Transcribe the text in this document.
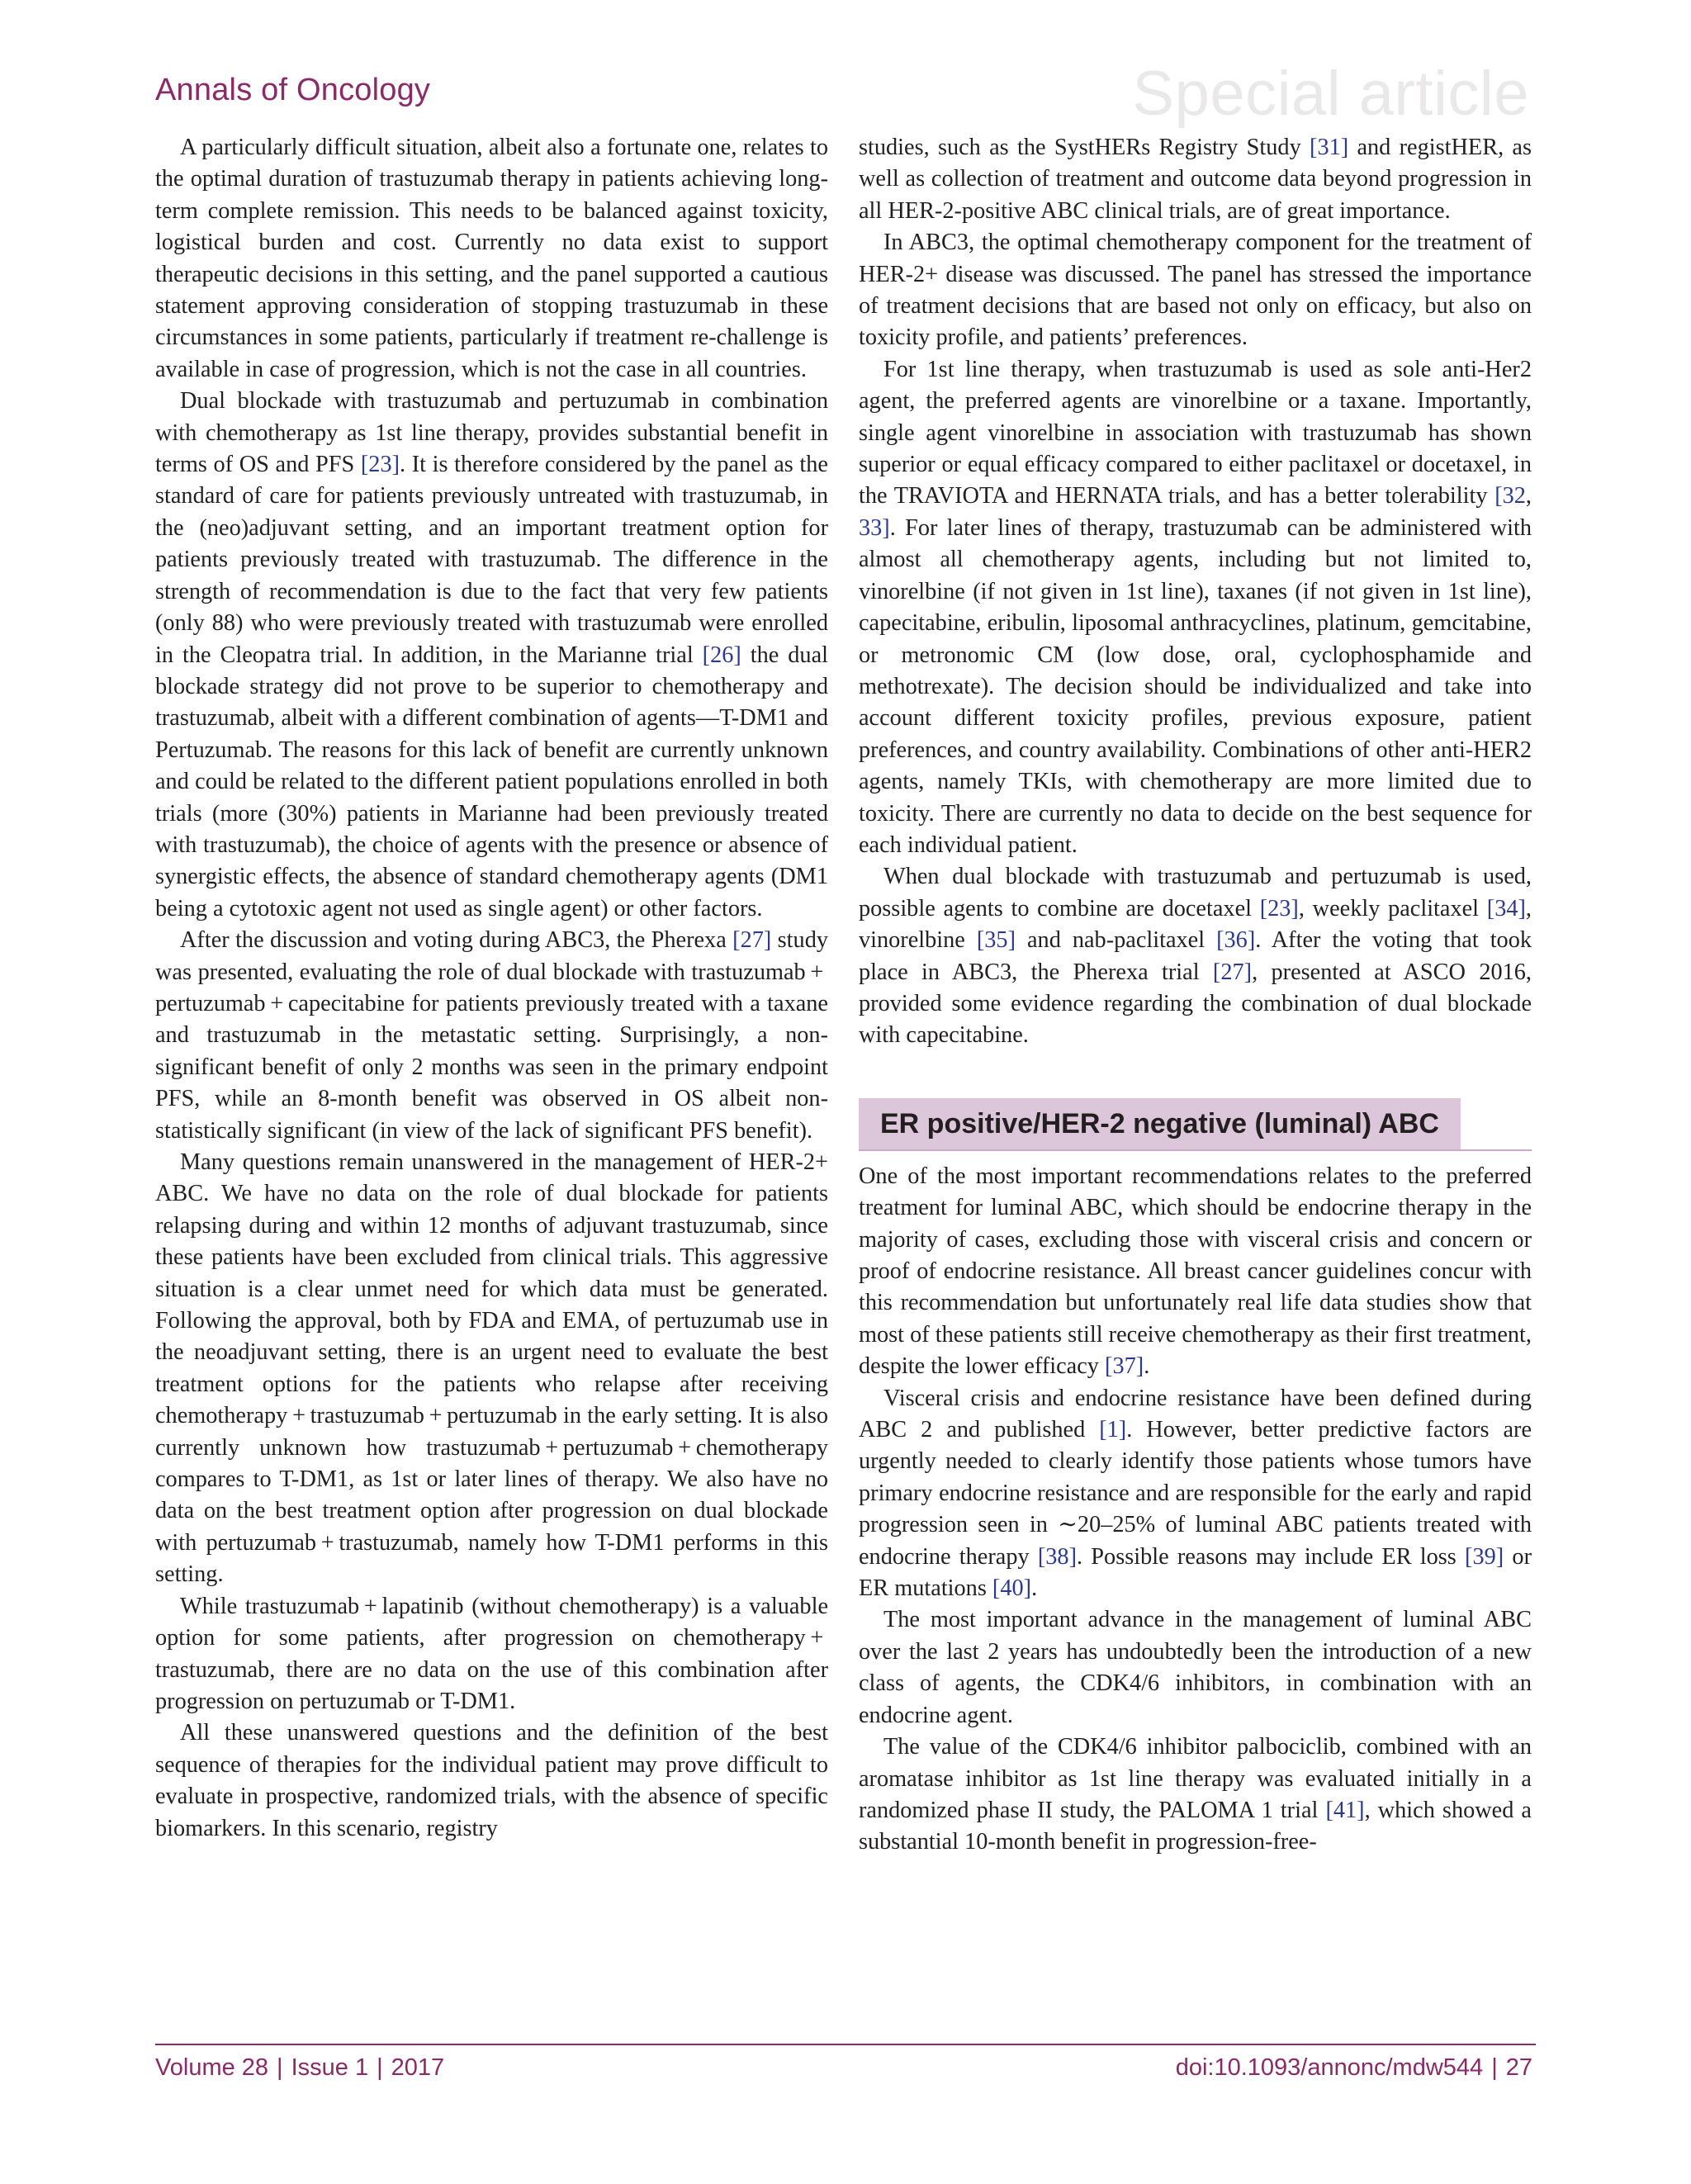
Annals of Oncology	Special article

A particularly difficult situation, albeit also a fortunate one, relates to the optimal duration of trastuzumab therapy in patients achieving long-term complete remission. This needs to be balanced against toxicity, logistical burden and cost. Currently no data exist to support therapeutic decisions in this setting, and the panel supported a cautious statement approving consideration of stopping trastuzumab in these circumstances in some patients, particularly if treatment re-challenge is available in case of progression, which is not the case in all countries.

Dual blockade with trastuzumab and pertuzumab in combination with chemotherapy as 1st line therapy, provides substantial benefit in terms of OS and PFS [23]. It is therefore considered by the panel as the standard of care for patients previously untreated with trastuzumab, in the (neo)adjuvant setting, and an important treatment option for patients previously treated with trastuzumab. The difference in the strength of recommendation is due to the fact that very few patients (only 88) who were previously treated with trastuzumab were enrolled in the Cleopatra trial. In addition, in the Marianne trial [26] the dual blockade strategy did not prove to be superior to chemotherapy and trastuzumab, albeit with a different combination of agents—T-DM1 and Pertuzumab. The reasons for this lack of benefit are currently unknown and could be related to the different patient populations enrolled in both trials (more (30%) patients in Marianne had been previously treated with trastuzumab), the choice of agents with the presence or absence of synergistic effects, the absence of standard chemotherapy agents (DM1 being a cytotoxic agent not used as single agent) or other factors.

After the discussion and voting during ABC3, the Pherexa [27] study was presented, evaluating the role of dual blockade with trastuzumab + pertuzumab + capecitabine for patients previously treated with a taxane and trastuzumab in the metastatic setting. Surprisingly, a non-significant benefit of only 2 months was seen in the primary endpoint PFS, while an 8-month benefit was observed in OS albeit non-statistically significant (in view of the lack of significant PFS benefit).

Many questions remain unanswered in the management of HER-2+ ABC. We have no data on the role of dual blockade for patients relapsing during and within 12 months of adjuvant trastuzumab, since these patients have been excluded from clinical trials. This aggressive situation is a clear unmet need for which data must be generated. Following the approval, both by FDA and EMA, of pertuzumab use in the neoadjuvant setting, there is an urgent need to evaluate the best treatment options for the patients who relapse after receiving chemotherapy + trastuzumab + pertuzumab in the early setting. It is also currently unknown how trastuzumab + pertuzumab + chemotherapy compares to T-DM1, as 1st or later lines of therapy. We also have no data on the best treatment option after progression on dual blockade with pertuzumab + trastuzumab, namely how T-DM1 performs in this setting.

While trastuzumab + lapatinib (without chemotherapy) is a valuable option for some patients, after progression on chemotherapy + trastuzumab, there are no data on the use of this combination after progression on pertuzumab or T-DM1.

All these unanswered questions and the definition of the best sequence of therapies for the individual patient may prove difficult to evaluate in prospective, randomized trials, with the absence of specific biomarkers. In this scenario, registry

studies, such as the SystHERs Registry Study [31] and registHER, as well as collection of treatment and outcome data beyond progression in all HER-2-positive ABC clinical trials, are of great importance.

In ABC3, the optimal chemotherapy component for the treatment of HER-2+ disease was discussed. The panel has stressed the importance of treatment decisions that are based not only on efficacy, but also on toxicity profile, and patients’ preferences.

For 1st line therapy, when trastuzumab is used as sole anti-Her2 agent, the preferred agents are vinorelbine or a taxane. Importantly, single agent vinorelbine in association with trastuzumab has shown superior or equal efficacy compared to either paclitaxel or docetaxel, in the TRAVIOTA and HERNATA trials, and has a better tolerability [32, 33]. For later lines of therapy, trastuzumab can be administered with almost all chemotherapy agents, including but not limited to, vinorelbine (if not given in 1st line), taxanes (if not given in 1st line), capecitabine, eribulin, liposomal anthracyclines, platinum, gemcitabine, or metronomic CM (low dose, oral, cyclophosphamide and methotrexate). The decision should be individualized and take into account different toxicity profiles, previous exposure, patient preferences, and country availability. Combinations of other anti-HER2 agents, namely TKIs, with chemotherapy are more limited due to toxicity. There are currently no data to decide on the best sequence for each individual patient.

When dual blockade with trastuzumab and pertuzumab is used, possible agents to combine are docetaxel [23], weekly paclitaxel [34], vinorelbine [35] and nab-paclitaxel [36]. After the voting that took place in ABC3, the Pherexa trial [27], presented at ASCO 2016, provided some evidence regarding the combination of dual blockade with capecitabine.

ER positive/HER-2 negative (luminal) ABC

One of the most important recommendations relates to the preferred treatment for luminal ABC, which should be endocrine therapy in the majority of cases, excluding those with visceral crisis and concern or proof of endocrine resistance. All breast cancer guidelines concur with this recommendation but unfortunately real life data studies show that most of these patients still receive chemotherapy as their first treatment, despite the lower efficacy [37].

Visceral crisis and endocrine resistance have been defined during ABC 2 and published [1]. However, better predictive factors are urgently needed to clearly identify those patients whose tumors have primary endocrine resistance and are responsible for the early and rapid progression seen in ∼20–25% of luminal ABC patients treated with endocrine therapy [38]. Possible reasons may include ER loss [39] or ER mutations [40].

The most important advance in the management of luminal ABC over the last 2 years has undoubtedly been the introduction of a new class of agents, the CDK4/6 inhibitors, in combination with an endocrine agent.

The value of the CDK4/6 inhibitor palbociclib, combined with an aromatase inhibitor as 1st line therapy was evaluated initially in a randomized phase II study, the PALOMA 1 trial [41], which showed a substantial 10-month benefit in progression-free-

Volume 28 | Issue 1 | 2017	doi:10.1093/annonc/mdw544 | 27
